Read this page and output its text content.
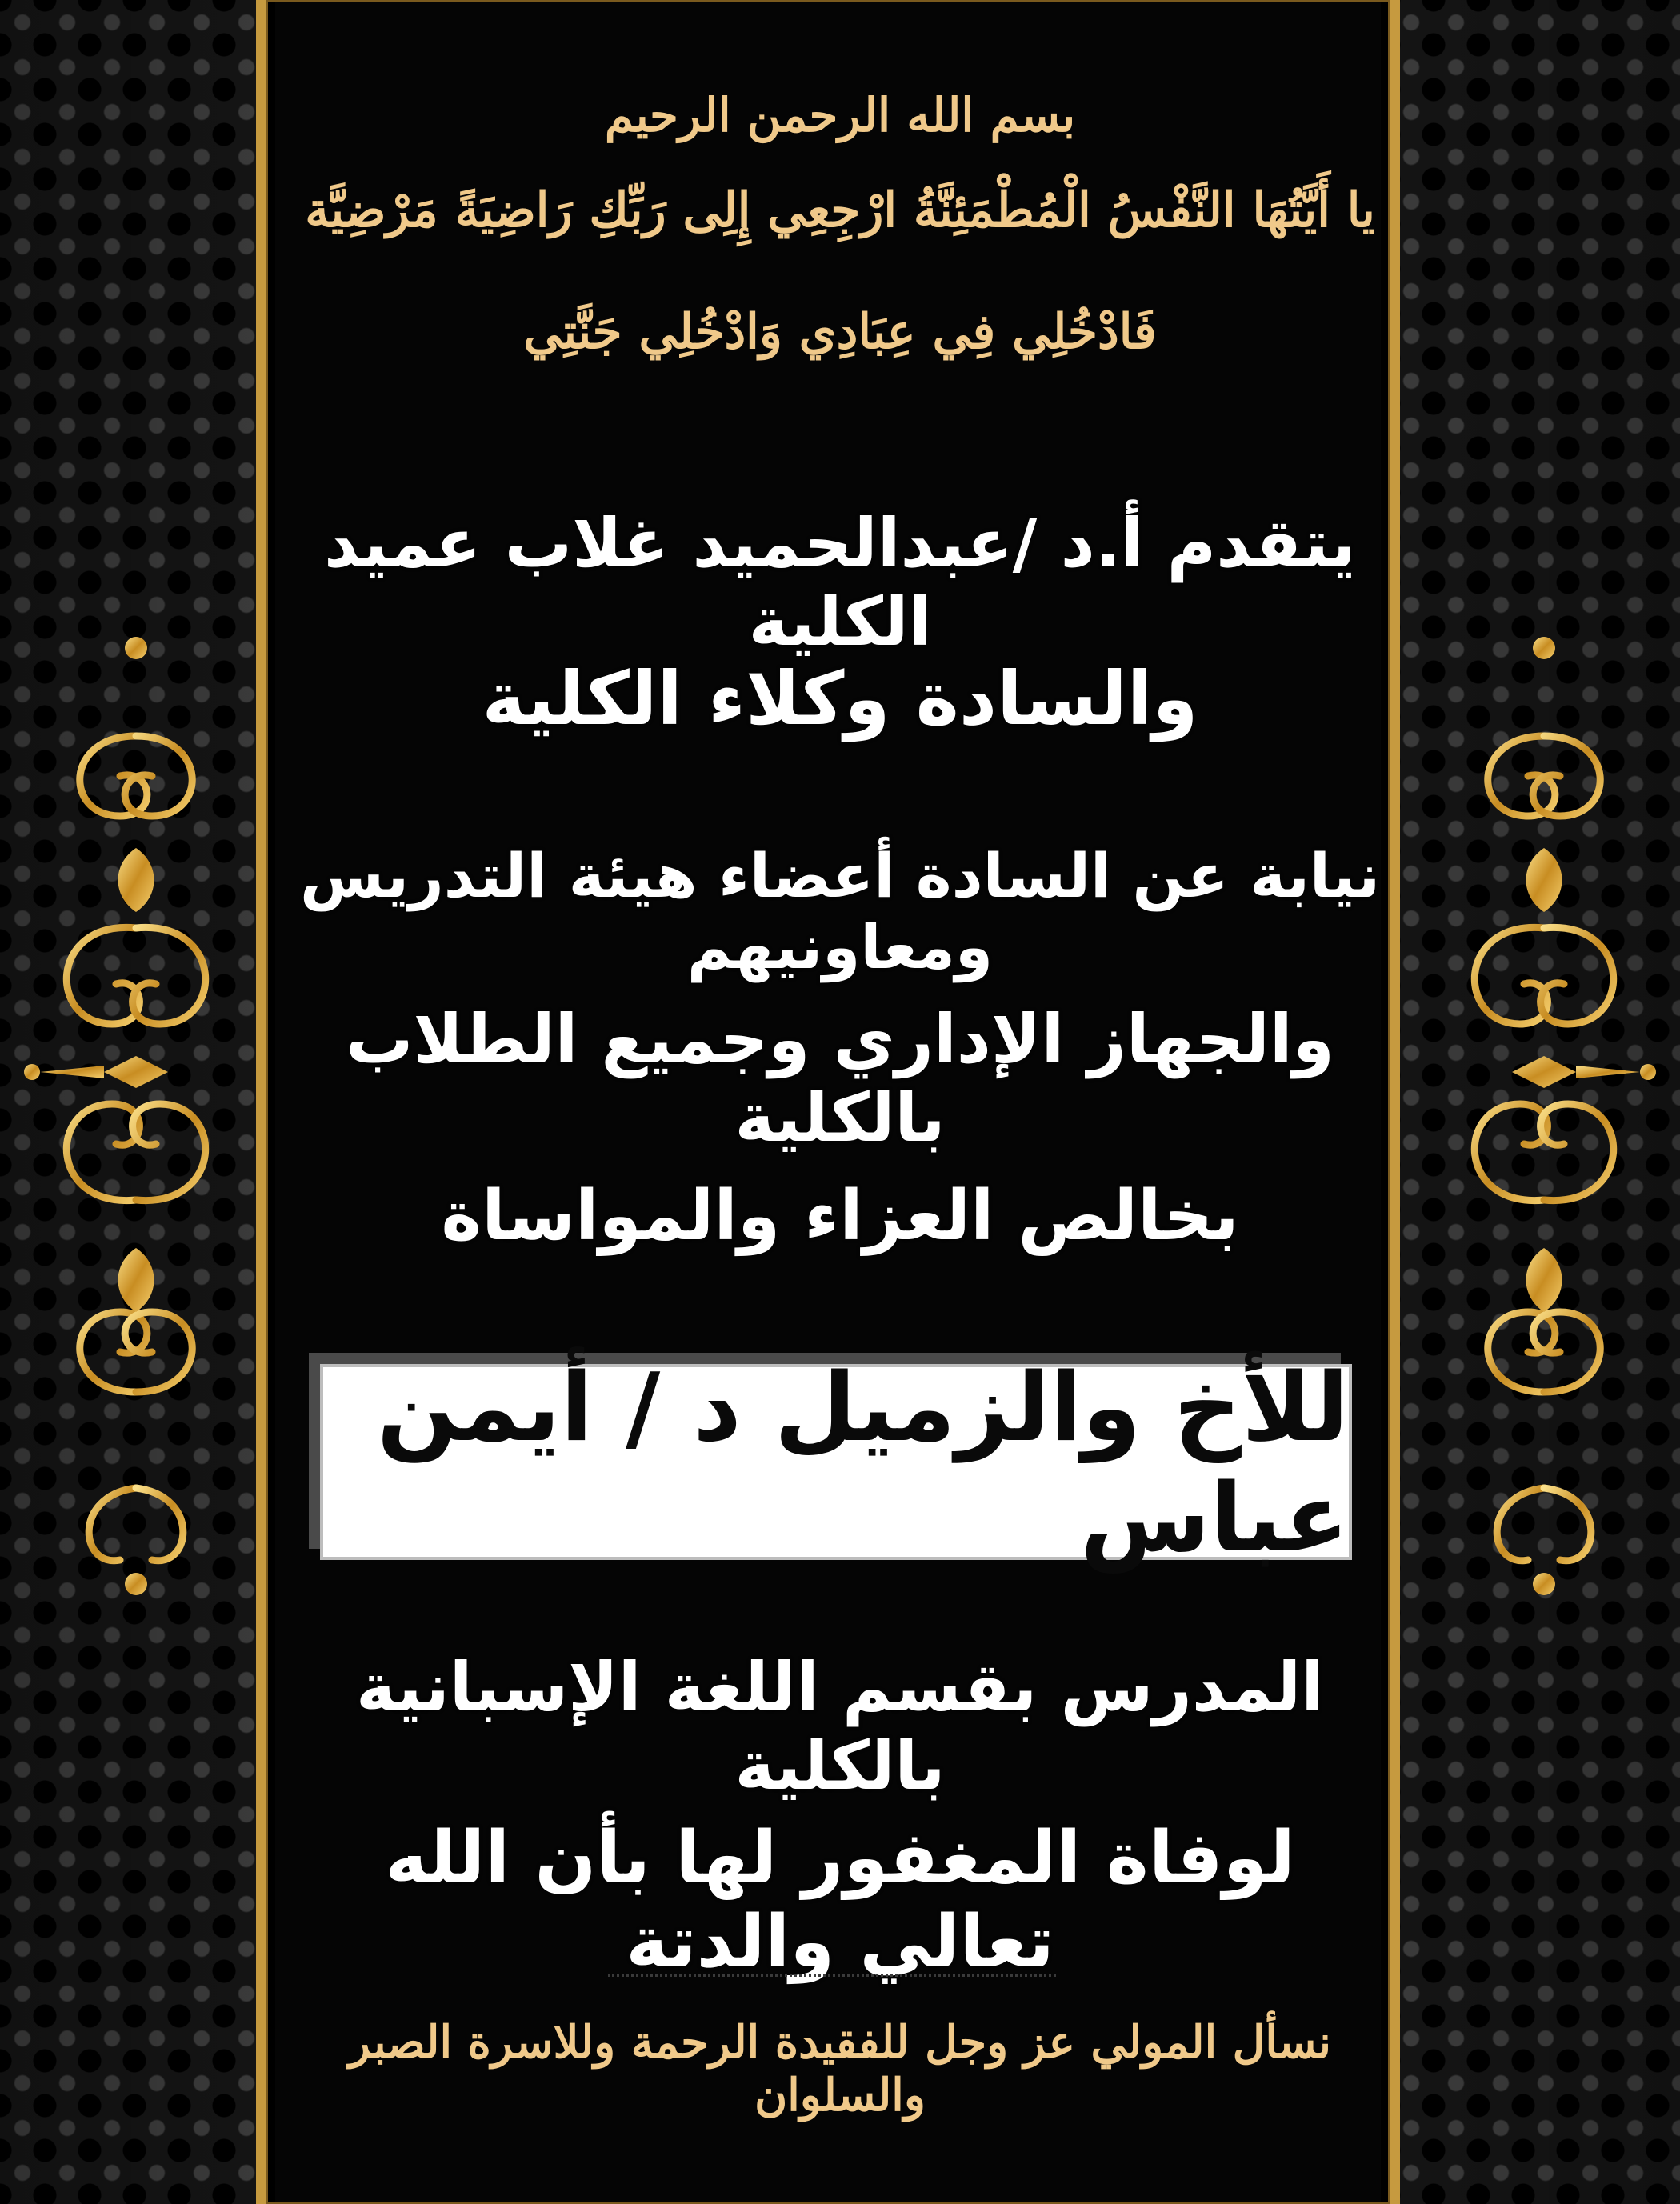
بسم الله الرحمن الرحيم

يا أَيَّتُهَا النَّفْسُ الْمُطْمَئِنَّةُ ارْجِعِي إِلِى رَبِّكِ رَاضِيَةً مَرْضِيَّة

فَادْخُلِي فِي عِبَادِي وَادْخُلِي جَنَّتِي

يتقدم أ.د /عبدالحميد غلاب عميد الكلية

والسادة وكلاء الكلية

نيابة عن السادة أعضاء هيئة التدريس ومعاونيهم

والجهاز الإداري وجميع الطلاب بالكلية

بخالص العزاء والمواساة

للأخ والزميل د / أيمن عباس

المدرس بقسم اللغة الإسبانية بالكلية

لوفاة المغفور لها بأن الله تعالي والدتة

نسأل المولي عز وجل للفقيدة الرحمة وللاسرة الصبر والسلوان
